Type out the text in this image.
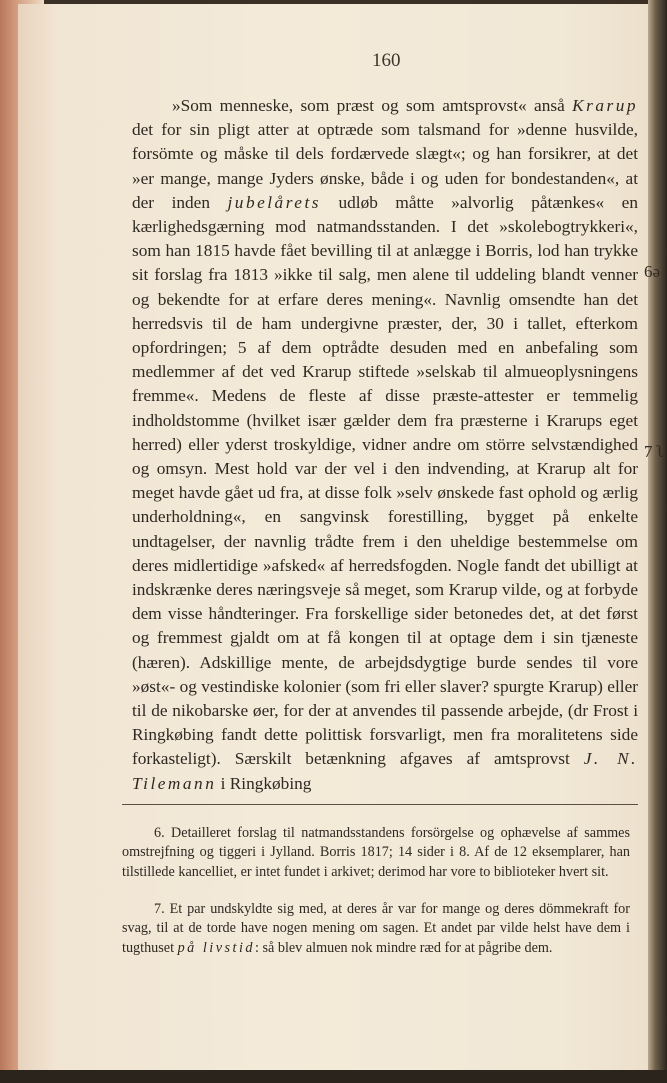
160

»Som menneske, som præst og som amtsprovst« anså Krarup det for sin pligt atter at optræde som talsmand for »denne husvilde, forsömte og måske til dels fordærvede slægt«; og han forsikrer, at det »er mange, mange Jyders ønske, både i og uden for bondestanden«, at der inden jubelårets udløb måtte »alvorlig påtænkes« en kærlighedsgærning mod natmandsstanden. I det »skolebogtrykkeri«, som han 1815 havde fået bevilling til at anlægge i Borris, lod han trykke sit forslag fra 1813 »ikke til salg, men alene til uddeling blandt venner og bekendte for at erfare deres mening«. Navnlig omsendte han det herredsvis til de ham undergivne præster, der, 30 i tallet, efterkom opfordringen; 5 af dem optrådte desuden med en anbefaling som medlemmer af det ved Krarup stiftede »selskab til almueoplysningens fremme«. Medens de fleste af disse præste-attester er temmelig indholdstomme (hvilket især gælder dem fra præsterne i Krarups eget herred) eller yderst troskyldige, vidner andre om större selvstændighed og omsyn. Mest hold var der vel i den indvending, at Krarup alt for meget havde gået ud fra, at disse folk »selv ønskede fast ophold og ærlig underholdning«, en sangvinsk forestilling, bygget på enkelte undtagelser, der navnlig trådte frem i den uheldige bestemmelse om deres midlertidige »afsked« af herredsfogden. Nogle fandt det ubilligt at indskrænke deres næringsveje så meget, som Krarup vilde, og at forbyde dem visse håndteringer. Fra forskellige sider betonedes det, at det først og fremmest gjaldt om at få kongen til at optage dem i sin tjæneste (hæren). Adskillige mente, de arbejdsdygtige burde sendes til vore »øst«- og vestindiske kolonier (som fri eller slaver? spurgte Krarup) eller til de nikobarske øer, for der at anvendes til passende arbejde, (dr Frost i Ringkøbing fandt dette polittisk forsvarligt, men fra moralitetens side forkasteligt). Særskilt betænkning afgaves af amtsprovst J. N. Tilemann i Ringkøbing

6. Detailleret forslag til natmandsstandens forsörgelse og ophævelse af sammes omstrejfning og tiggeri i Jylland. Borris 1817; 14 sider i 8. Af de 12 eksemplarer, han tilstillede kancelliet, er intet fundet i arkivet; derimod har vore to biblioteker hvert sit.

7. Et par undskyldte sig med, at deres år var for mange og deres dömmekraft for svag, til at de torde have nogen mening om sagen. Et andet par vilde helst have dem i tugthuset på livstid: så blev almuen nok mindre ræd for at pågribe dem.

6ə
7 ʅ
